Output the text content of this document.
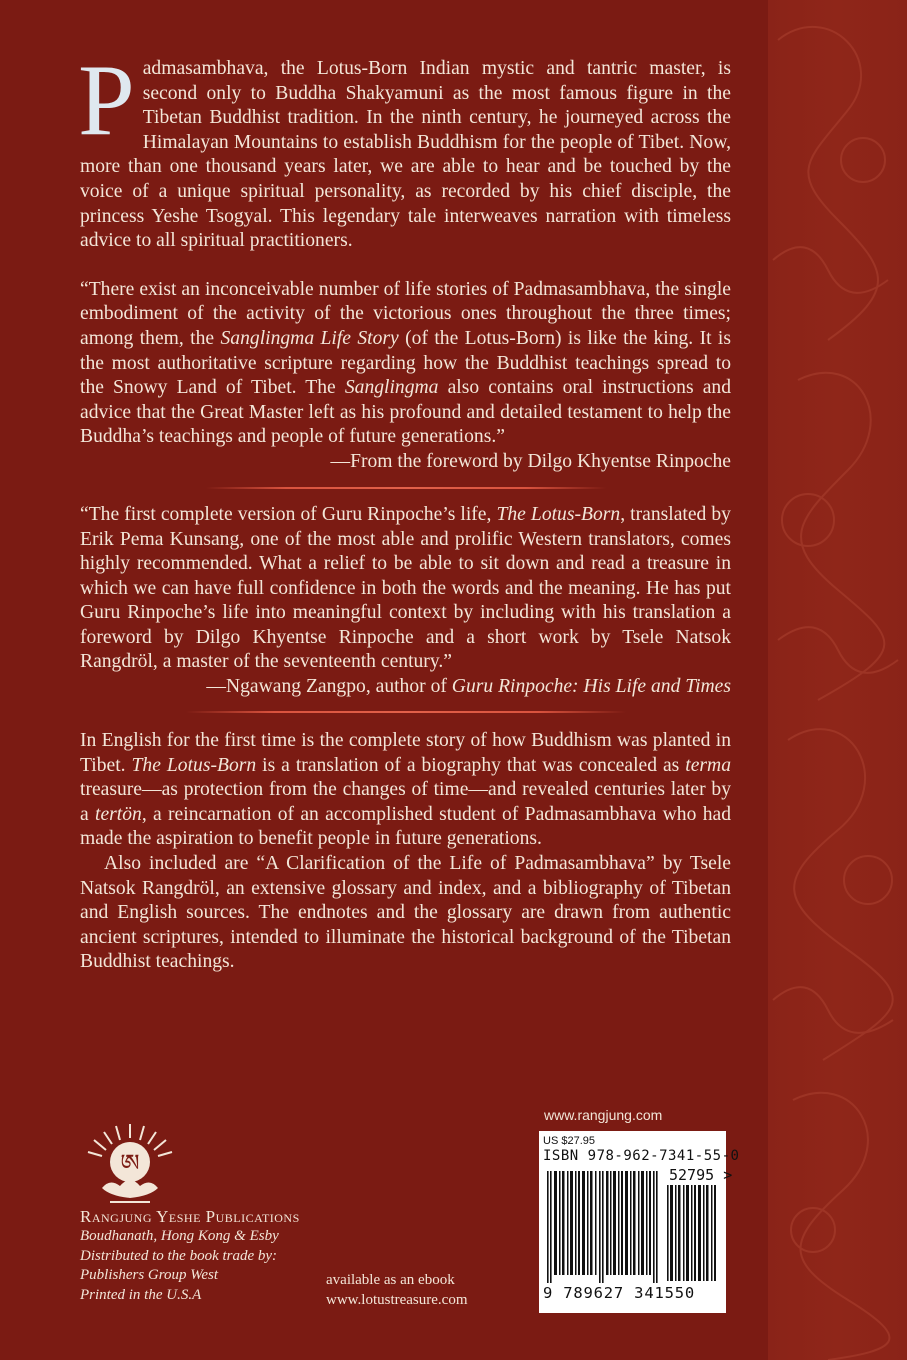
P admasambhava, the Lotus-Born Indian mystic and tantric master, is second only to Buddha Shakyamuni as the most famous figure in the Tibetan Buddhist tradition. In the ninth century, he journeyed across the Himalayan Mountains to establish Buddhism for the people of Tibet. Now, more than one thousand years later, we are able to hear and be touched by the voice of a unique spiritual personality, as recorded by his chief disciple, the princess Yeshe Tsogyal. This legendary tale interweaves narration with timeless advice to all spiritual practitioners.

“There exist an inconceivable number of life stories of Padmasambhava, the single embodiment of the activity of the victorious ones throughout the three times; among them, the Sanglingma Life Story (of the Lotus-Born) is like the king. It is the most authoritative scripture regarding how the Buddhist teachings spread to the Snowy Land of Tibet. The Sanglingma also contains oral instructions and advice that the Great Master left as his profound and detailed testament to help the Buddha’s teachings and people of future generations.”

—From the foreword by Dilgo Khyentse Rinpoche

“The first complete version of Guru Rinpoche’s life, The Lotus-Born, translated by Erik Pema Kunsang, one of the most able and prolific Western translators, comes highly recommended. What a relief to be able to sit down and read a treasure in which we can have full confidence in both the words and the meaning. He has put Guru Rinpoche’s life into meaningful context by including with his translation a foreword by Dilgo Khyentse Rinpoche and a short work by Tsele Natsok Rangdröl, a master of the seventeenth century.”

—Ngawang Zangpo, author of Guru Rinpoche: His Life and Times

In English for the first time is the complete story of how Buddhism was planted in Tibet. The Lotus-Born is a translation of a biography that was concealed as terma treasure—as protection from the changes of time—and revealed centuries later by a tertön, a reincarnation of an accomplished student of Padmasambhava who had made the aspiration to benefit people in future generations.

Also included are “A Clarification of the Life of Padmasambhava” by Tsele Natsok Rangdröl, an extensive glossary and index, and a bibliography of Tibetan and English sources. The endnotes and the glossary are drawn from authentic ancient scriptures, intended to illuminate the historical background of the Tibetan Buddhist teachings.

ཨ
Rangjung Yeshe Publications
Boudhanath, Hong Kong & Esby
Distributed to the book trade by:
Publishers Group West
Printed in the U.S.A
available as an ebook
www.lotustreasure.com
www.rangjung.com
US $27.95
ISBN 978-962-7341-55-0
52795 >
9 789627 341550
